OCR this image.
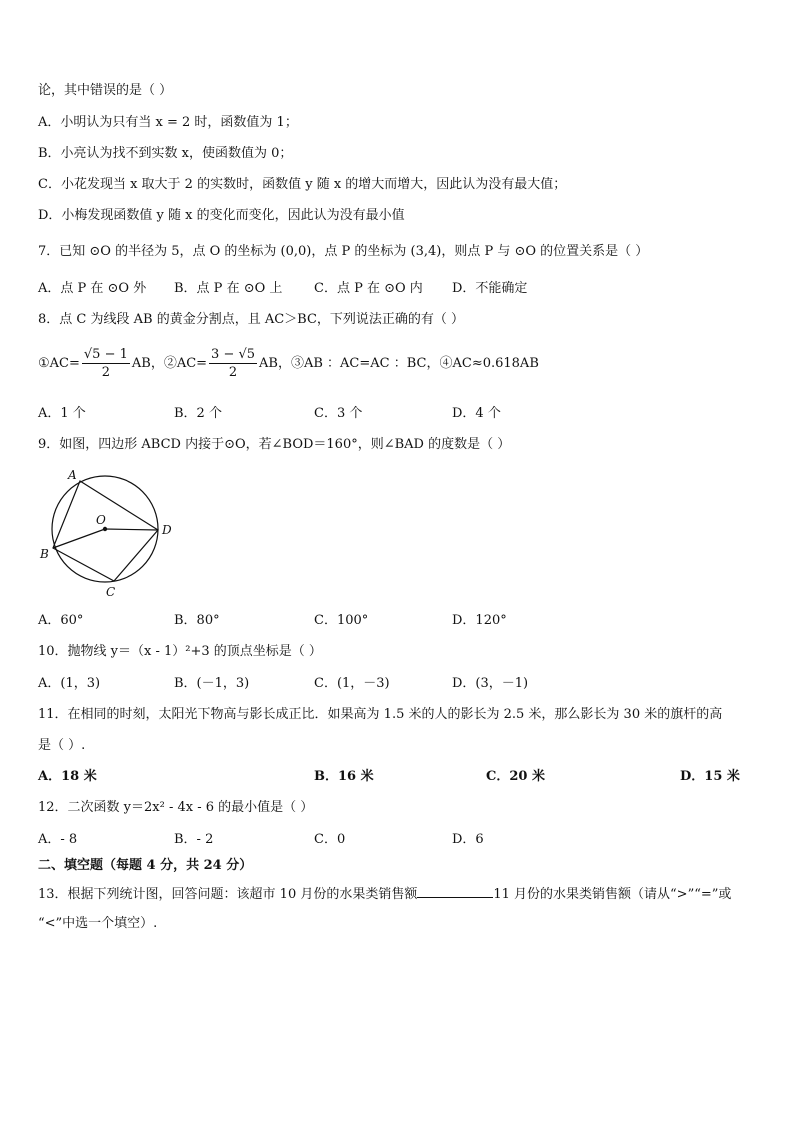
论，其中错误的是（ ）
A．小明认为只有当 x = 2 时，函数值为 1；
B．小亮认为找不到实数 x，使函数值为 0；
C．小花发现当 x 取大于 2 的实数时，函数值 y 随 x 的增大而增大，因此认为没有最大值；
D．小梅发现函数值 y 随 x 的变化而变化，因此认为没有最小值
7．已知 ⊙O 的半径为 5，点 O 的坐标为 (0,0)，点 P 的坐标为 (3,4)，则点 P 与 ⊙O 的位置关系是（ ）
A．点 P 在 ⊙O 外 B．点 P 在 ⊙O 上 C．点 P 在 ⊙O 内 D．不能确定
8．点 C 为线段 AB 的黄金分割点，且 AC＞BC，下列说法正确的有（ ）
①AC= $\frac{√5 - 1}{2}$ AB，②AC= $\frac{3 - √5}{2}$ AB，③AB ：AC=AC ：BC，④AC≈0.618AB
A．1 个	B．2 个	C．3 个	D．4 个
9．如图，四边形 ABCD 内接于⊙O，若∠BOD＝160°，则∠BAD 的度数是（ ）
A
B
C
D
O
A．60°	B．80°	C．100°	D．120°
10．抛物线 y＝（x - 1）²+3 的顶点坐标是（ ）
A．(1，3)	B．(－1，3)	C．(1，－3)	D．(3，－1)
11．在相同的时刻，太阳光下物高与影长成正比．如果高为 1.5 米的人的影长为 2.5 米，那么影长为 30 米的旗杆的高
是（ ）.
A．18 米	B．16 米	C．20 米	D．15 米
12．二次函数 y＝2x² - 4x - 6 的最小值是（ ）
A．- 8	B．- 2	C．0	D．6
二、填空题（每题 4 分，共 24 分）
13．根据下列统计图，回答问题：该超市 10 月份的水果类销售额	11 月份的水果类销售额（请从“>”“=”或
“<”中选一个填空）.
